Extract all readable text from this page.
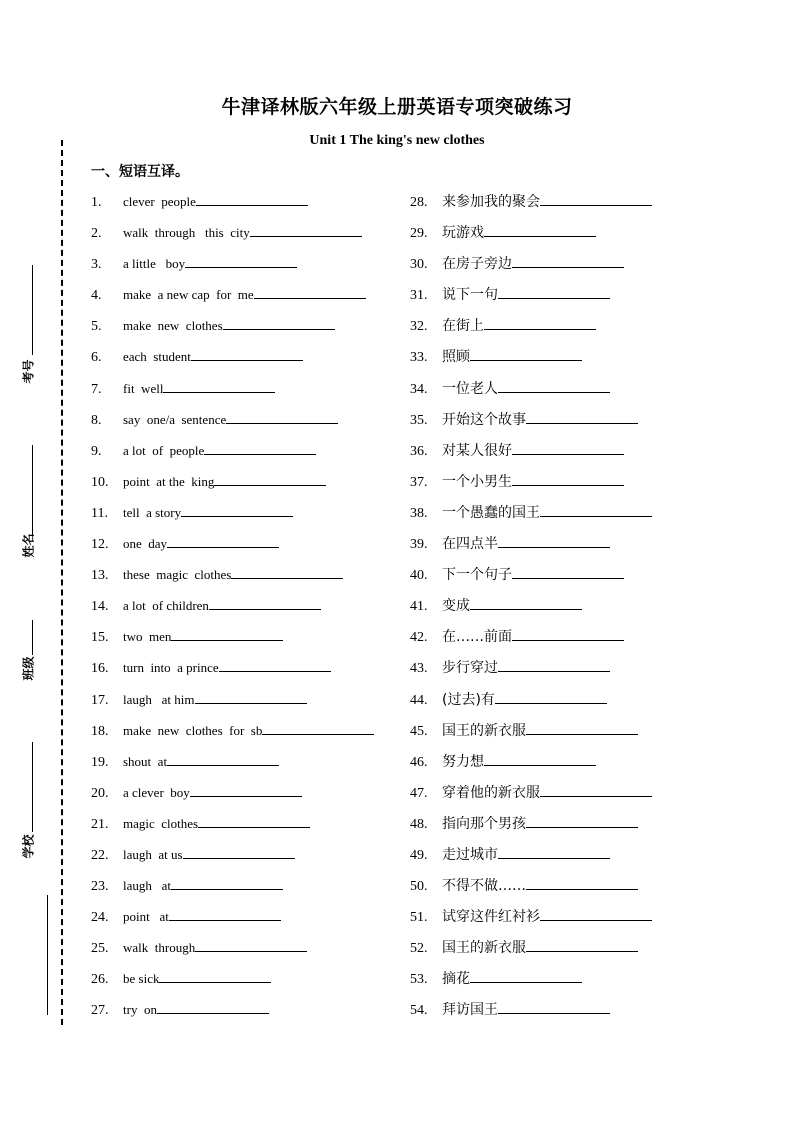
牛津译林版六年级上册英语专项突破练习
Unit 1 The king's new clothes
一、短语互译。
考号
姓名
班级
学校
1. clever  people
2. walk  through   this  city
3. a little   boy
4. make  a new cap  for  me
5. make  new  clothes
6. each  student
7. fit  well
8. say  one/a  sentence
9. a lot  of  people
10. point  at the  king
11. tell  a story
12. one  day
13. these  magic  clothes
14. a lot  of children
15. two  men
16. turn  into  a prince
17. laugh   at him
18. make  new  clothes  for  sb
19. shout  at
20. a clever  boy
21. magic  clothes
22. laugh  at us
23. laugh   at
24. point   at
25. walk  through
26. be sick
27. try  on
28. 来参加我的聚会
29. 玩游戏
30. 在房子旁边
31. 说下一句
32. 在街上
33. 照顾
34. 一位老人
35. 开始这个故事
36. 对某人很好
37. 一个小男生
38. 一个愚蠢的国王
39. 在四点半
40. 下一个句子
41. 变成
42. 在……前面
43. 步行穿过
44. (过去)有
45. 国王的新衣服
46. 努力想
47. 穿着他的新衣服
48. 指向那个男孩
49. 走过城市
50. 不得不做……
51. 试穿这件红衬衫
52. 国王的新衣服
53. 摘花
54. 拜访国王
